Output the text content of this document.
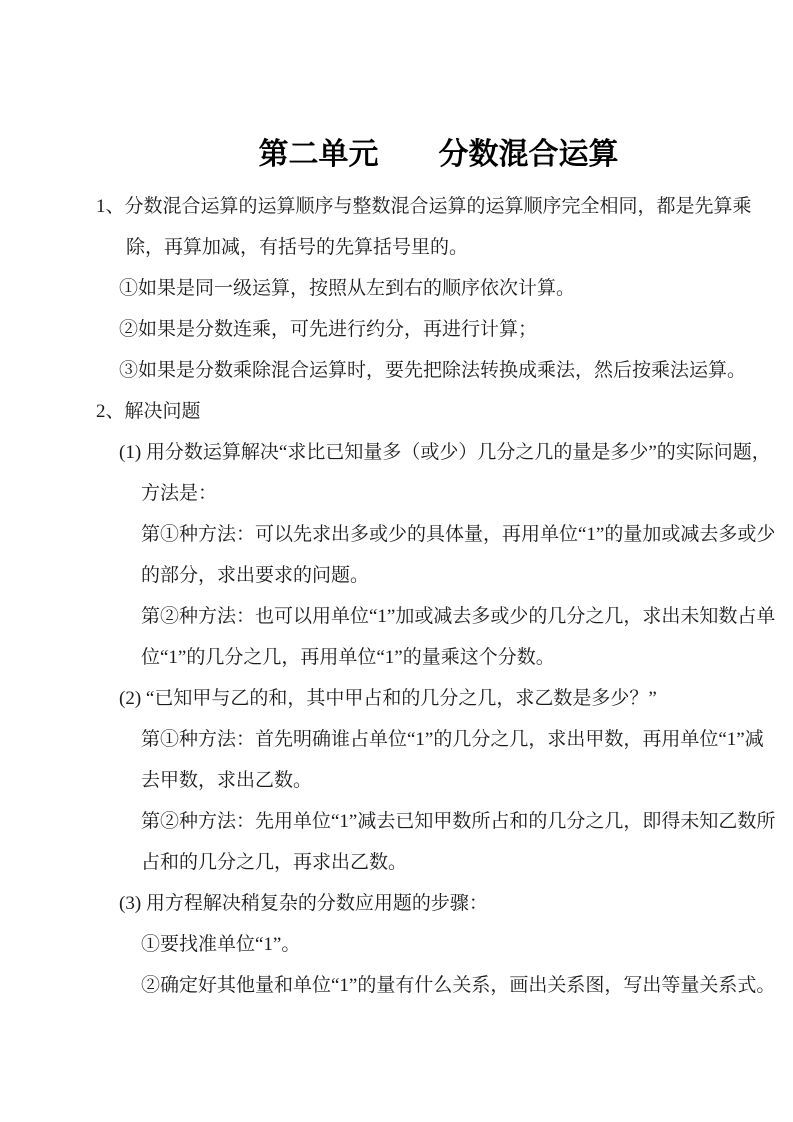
第二单元　　分数混合运算
1、分数混合运算的运算顺序与整数混合运算的运算顺序完全相同，都是先算乘
除，再算加减，有括号的先算括号里的。
①如果是同一级运算，按照从左到右的顺序依次计算。
②如果是分数连乘，可先进行约分，再进行计算；
③如果是分数乘除混合运算时，要先把除法转换成乘法，然后按乘法运算。
2、解决问题
(1) 用分数运算解决“求比已知量多（或少）几分之几的量是多少”的实际问题，
方法是：
第①种方法：可以先求出多或少的具体量，再用单位“1”的量加或减去多或少
的部分，求出要求的问题。
第②种方法：也可以用单位“1”加或减去多或少的几分之几，求出未知数占单
位“1”的几分之几，再用单位“1”的量乘这个分数。
(2) “已知甲与乙的和，其中甲占和的几分之几，求乙数是多少？”
第①种方法：首先明确谁占单位“1”的几分之几，求出甲数，再用单位“1”减
去甲数，求出乙数。
第②种方法：先用单位“1”减去已知甲数所占和的几分之几，即得未知乙数所
占和的几分之几，再求出乙数。
(3) 用方程解决稍复杂的分数应用题的步骤：
①要找准单位“1”。
②确定好其他量和单位“1”的量有什么关系，画出关系图，写出等量关系式。
